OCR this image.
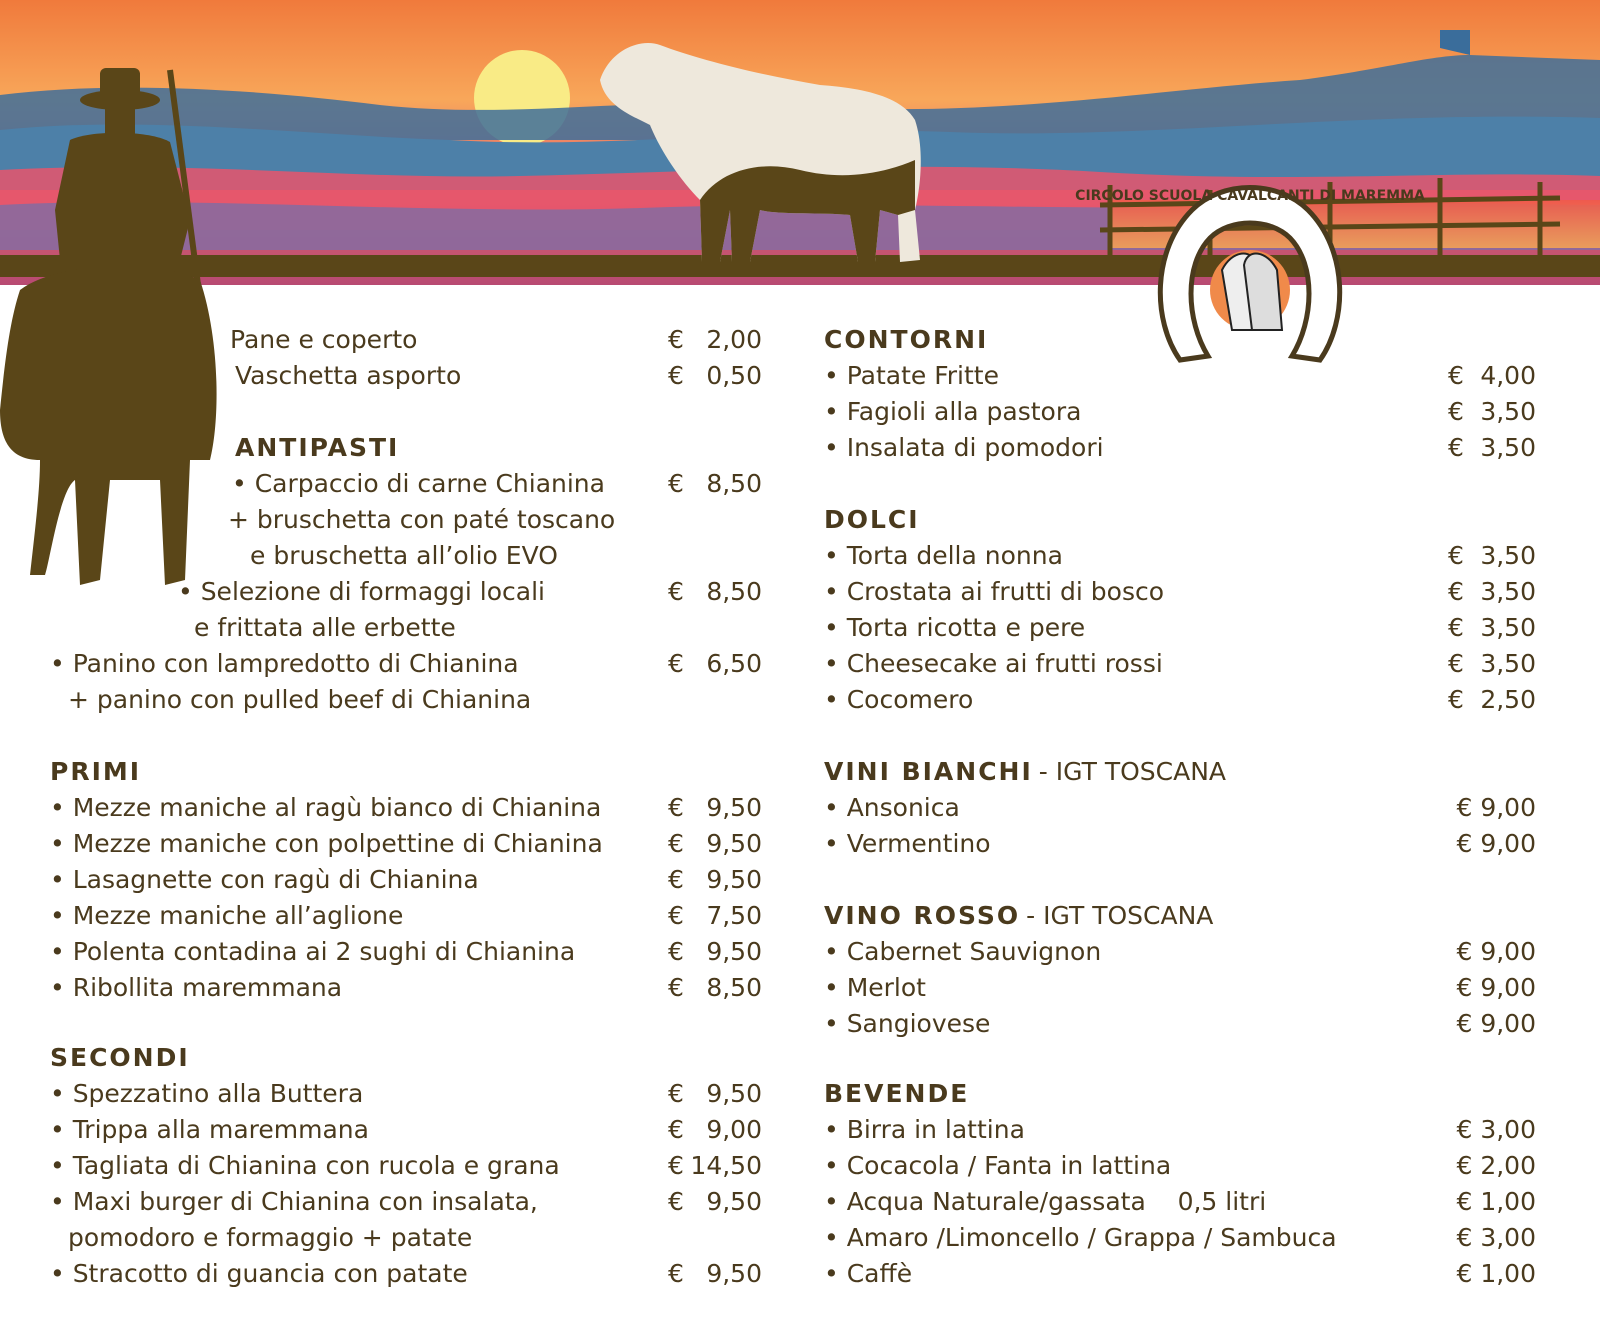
CIRCOLO SCUOLA CAVALCANTI DI MAREMMA
Pane e coperto	€ 2,00
Vaschetta asporto	€ 0,50
ANTIPASTI
• Carpaccio di carne Chianina	€ 8,50
+ bruschetta con paté toscano
e bruschetta all’olio EVO
• Selezione di formaggi locali	€ 8,50
e frittata alle erbette
• Panino con lampredotto di Chianina	€ 6,50
+ panino con pulled beef di Chianina
PRIMI
• Mezze maniche al ragù bianco di Chianina	€ 9,50
• Mezze maniche con polpettine di Chianina	€ 9,50
• Lasagnette con ragù di Chianina	€ 9,50
• Mezze maniche all’aglione	€ 7,50
• Polenta contadina ai 2 sughi di Chianina	€ 9,50
• Ribollita maremmana	€ 8,50
SECONDI
• Spezzatino alla Buttera	€ 9,50
• Trippa alla maremmana	€ 9,00
• Tagliata di Chianina con rucola e grana	€ 14,50
• Maxi burger di Chianina con insalata,	€ 9,50
pomodoro e formaggio + patate
• Stracotto di guancia con patate	€ 9,50
CONTORNI
• Patate Fritte	€ 4,00
• Fagioli alla pastora	€ 3,50
• Insalata di pomodori	€ 3,50
DOLCI
• Torta della nonna	€ 3,50
• Crostata ai frutti di bosco	€ 3,50
• Torta ricotta e pere	€ 3,50
• Cheesecake ai frutti rossi	€ 3,50
• Cocomero	€ 2,50
VINI BIANCHI - IGT TOSCANA
• Ansonica	€ 9,00
• Vermentino	€ 9,00
VINO ROSSO - IGT TOSCANA
• Cabernet Sauvignon	€ 9,00
• Merlot	€ 9,00
• Sangiovese	€ 9,00
BEVENDE
• Birra in lattina	€ 3,00
• Cocacola / Fanta in lattina	€ 2,00
• Acqua Naturale/gassata    0,5 litri	€ 1,00
• Amaro /Limoncello / Grappa / Sambuca	€ 3,00
• Caffè	€ 1,00
